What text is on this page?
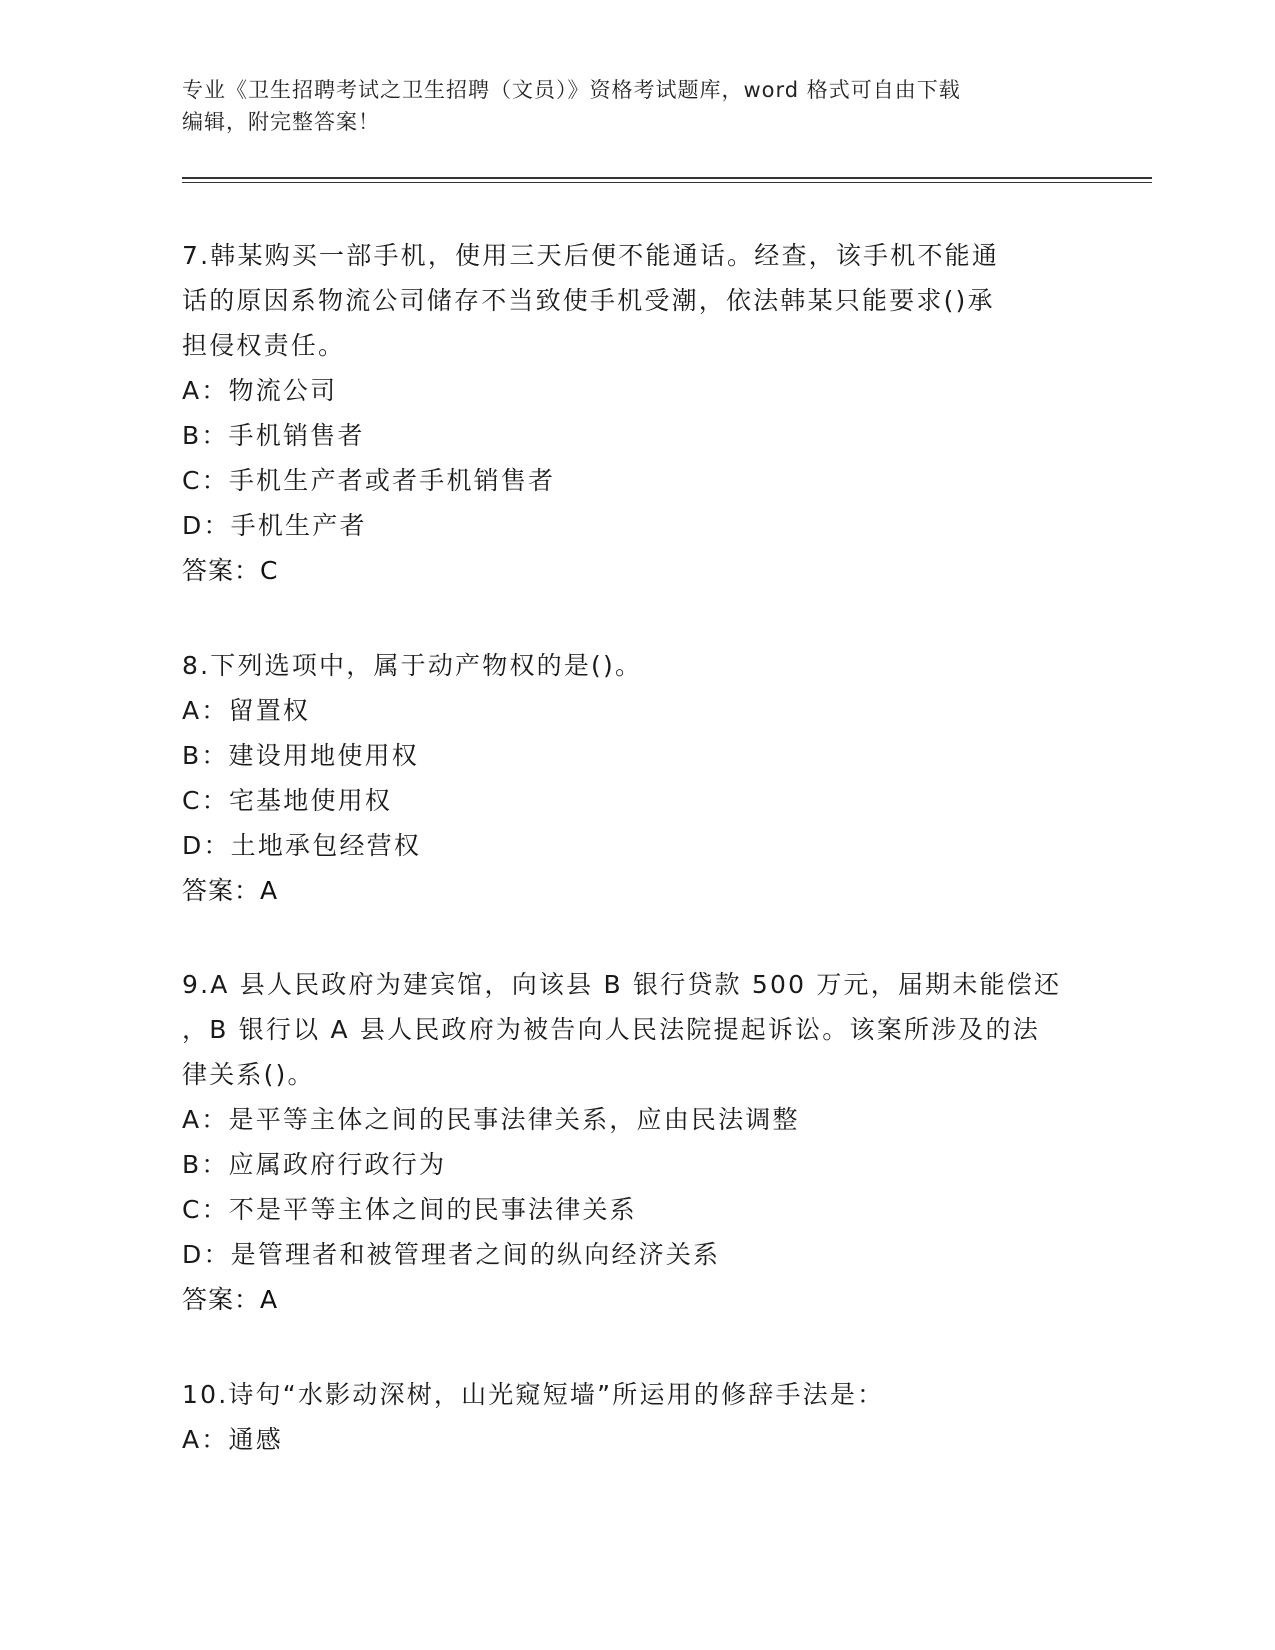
专业《卫生招聘考试之卫生招聘（文员）》资格考试题库，word 格式可自由下载
编辑，附完整答案！

7.韩某购买一部手机，使用三天后便不能通话。经查，该手机不能通

话的原因系物流公司储存不当致使手机受潮，依法韩某只能要求()承

担侵权责任。

A：物流公司

B：手机销售者

C：手机生产者或者手机销售者

D：手机生产者

答案：C

8.下列选项中，属于动产物权的是()。

A：留置权

B：建设用地使用权

C：宅基地使用权

D：土地承包经营权

答案：A

9.A 县人民政府为建宾馆，向该县 B 银行贷款 500 万元，届期未能偿还

，B 银行以 A 县人民政府为被告向人民法院提起诉讼。该案所涉及的法

律关系()。

A：是平等主体之间的民事法律关系，应由民法调整

B：应属政府行政行为

C：不是平等主体之间的民事法律关系

D：是管理者和被管理者之间的纵向经济关系

答案：A

10.诗句“水影动深树，山光窥短墙”所运用的修辞手法是：

A：通感
